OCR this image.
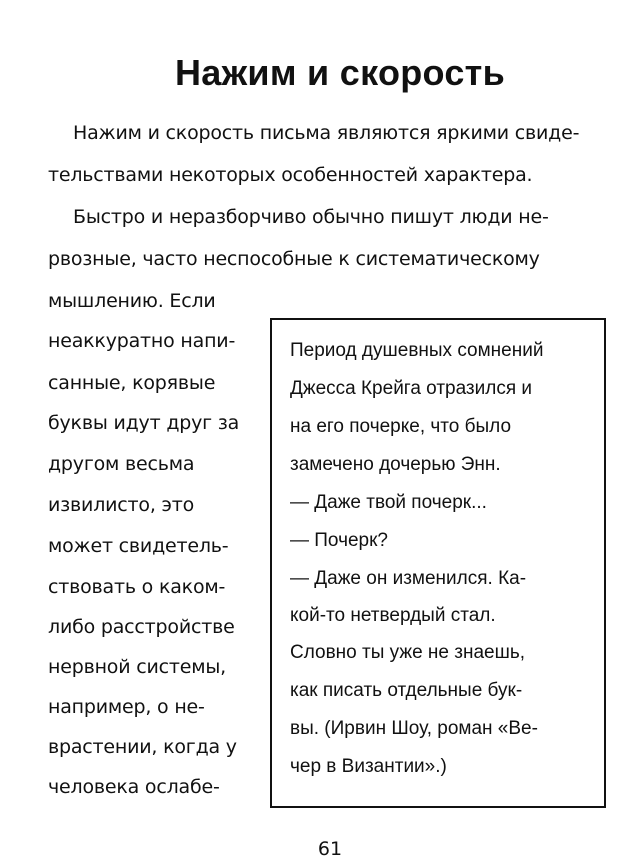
Нажим и скорость
Нажим и скорость письма являются яркими свиде-
тельствами некоторых особенностей характера.
Быстро и неразборчиво обычно пишут люди не-
рвозные, часто неспособные к систематическому
мышлению. Если
неаккуратно напи-
санные, корявые
буквы идут друг за
другом весьма
извилисто, это
может свидетель-
ствовать о каком-
либо расстройстве
нервной системы,
например, о не-
врастении, когда у
человека ослабе-
Период душевных сомнений
Джесса Крейга отразился и
на его почерке, что было
замечено дочерью Энн.
— Даже твой почерк...
— Почерк?
— Даже он изменился. Ка-
кой-то нетвердый стал.
Словно ты уже не знаешь,
как писать отдельные бук-
вы. (Ирвин Шоу, роман «Ве-
чер в Византии».)
61
